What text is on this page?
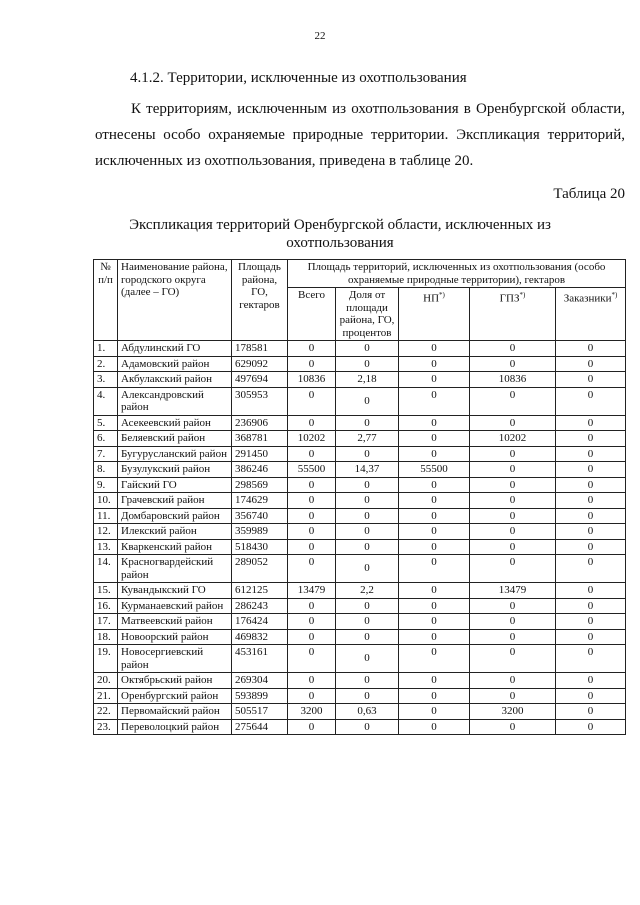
22
4.1.2. Территории, исключенные из охотпользования

К территориям, исключенным из охотпользования в Оренбургской области, отнесены особо охраняемые природные территории. Экспликация территорий, исключенных из охотпользования, приведена в таблице 20.

Таблица 20
Экспликация территорий Оренбургской области, исключенных из охотпользования
№ п/п	Наименование района, городского округа (далее – ГО)	Площадь района, ГО, гектаров	Площадь территорий, исключенных из охотпользования (особо охраняемые природные территории), гектаров				
			Всего	Доля от площади района, ГО, процентов	НП*)	ГПЗ*)	Заказники*)
1.	Абдулинский ГО	178581	0	0	0	0	0
2.	Адамовский район	629092	0	0	0	0	0
3.	Акбулакский район	497694	10836	2,18	0	10836	0
4.	Александровский район	305953	0	0	0	0	0
5.	Асекеевский район	236906	0	0	0	0	0
6.	Беляевский район	368781	10202	2,77	0	10202	0
7.	Бугурусланский район	291450	0	0	0	0	0
8.	Бузулукский район	386246	55500	14,37	55500	0	0
9.	Гайский ГО	298569	0	0	0	0	0
10.	Грачевский район	174629	0	0	0	0	0
11.	Домбаровский район	356740	0	0	0	0	0
12.	Илекский район	359989	0	0	0	0	0
13.	Кваркенский район	518430	0	0	0	0	0
14.	Красногвардейский район	289052	0	0	0	0	0
15.	Кувандыкский ГО	612125	13479	2,2	0	13479	0
16.	Курманаевский район	286243	0	0	0	0	0
17.	Матвеевский район	176424	0	0	0	0	0
18.	Новоорский район	469832	0	0	0	0	0
19.	Новосергиевский район	453161	0	0	0	0	0
20.	Октябрьский район	269304	0	0	0	0	0
21.	Оренбургский район	593899	0	0	0	0	0
22.	Первомайский район	505517	3200	0,63	0	3200	0
23.	Переволоцкий район	275644	0	0	0	0	0
